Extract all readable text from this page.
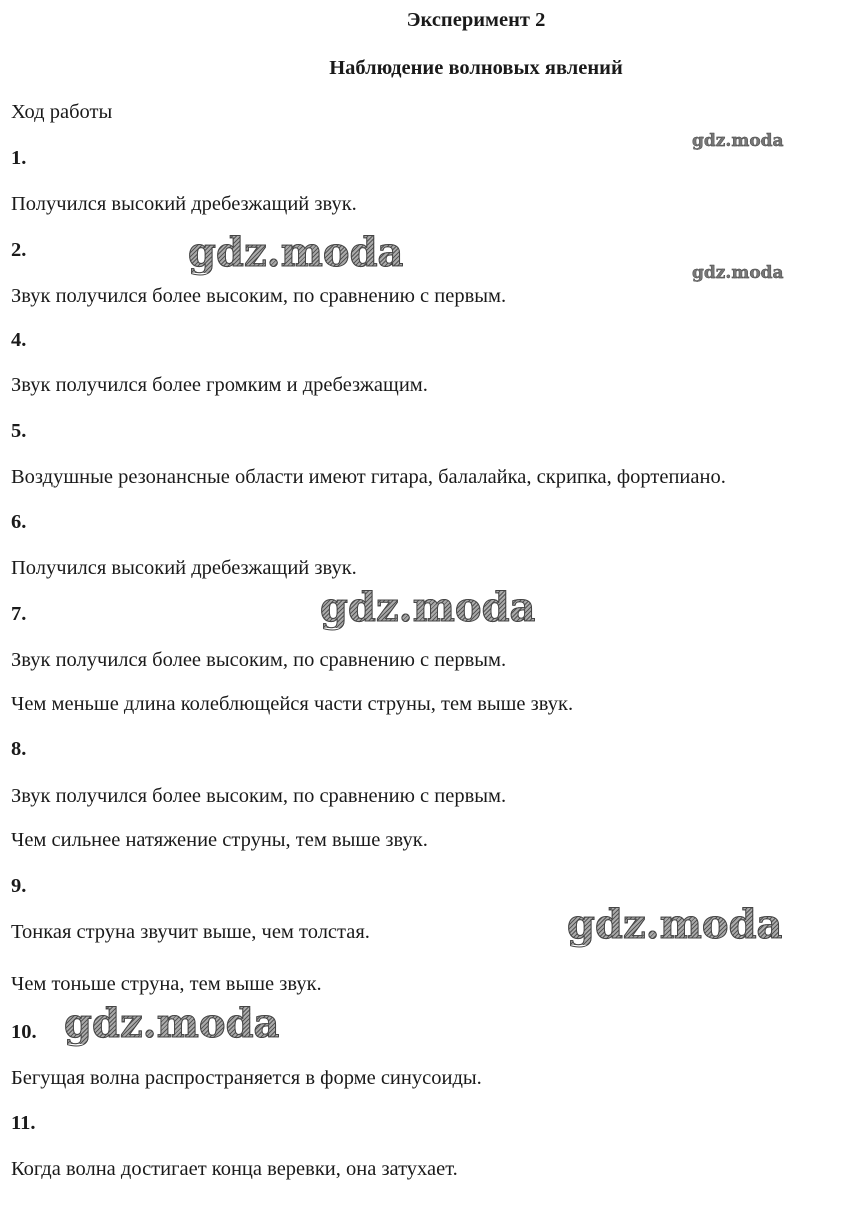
Эксперимент 2
Наблюдение волновых явлений
Ход работы
1.
Получился высокий дребезжащий звук.
2.
Звук получился более высоким, по сравнению с первым.
4.
Звук получился более громким и дребезжащим.
5.
Воздушные резонансные области имеют гитара, балалайка, скрипка, фортепиано.
6.
Получился высокий дребезжащий звук.
7.
Звук получился более высоким, по сравнению с первым.
Чем меньше длина колеблющейся части струны, тем выше звук.
8.
Звук получился более высоким, по сравнению с первым.
Чем сильнее натяжение струны, тем выше звук.
9.
Тонкая струна звучит выше, чем толстая.
Чем тоньше струна, тем выше звук.
10.
Бегущая волна распространяется в форме синусоиды.
11.
Когда волна достигает конца веревки, она затухает.
gdz.moda
gdz.moda	gdz.moda
gdz.moda
gdz.moda
gdz.moda
